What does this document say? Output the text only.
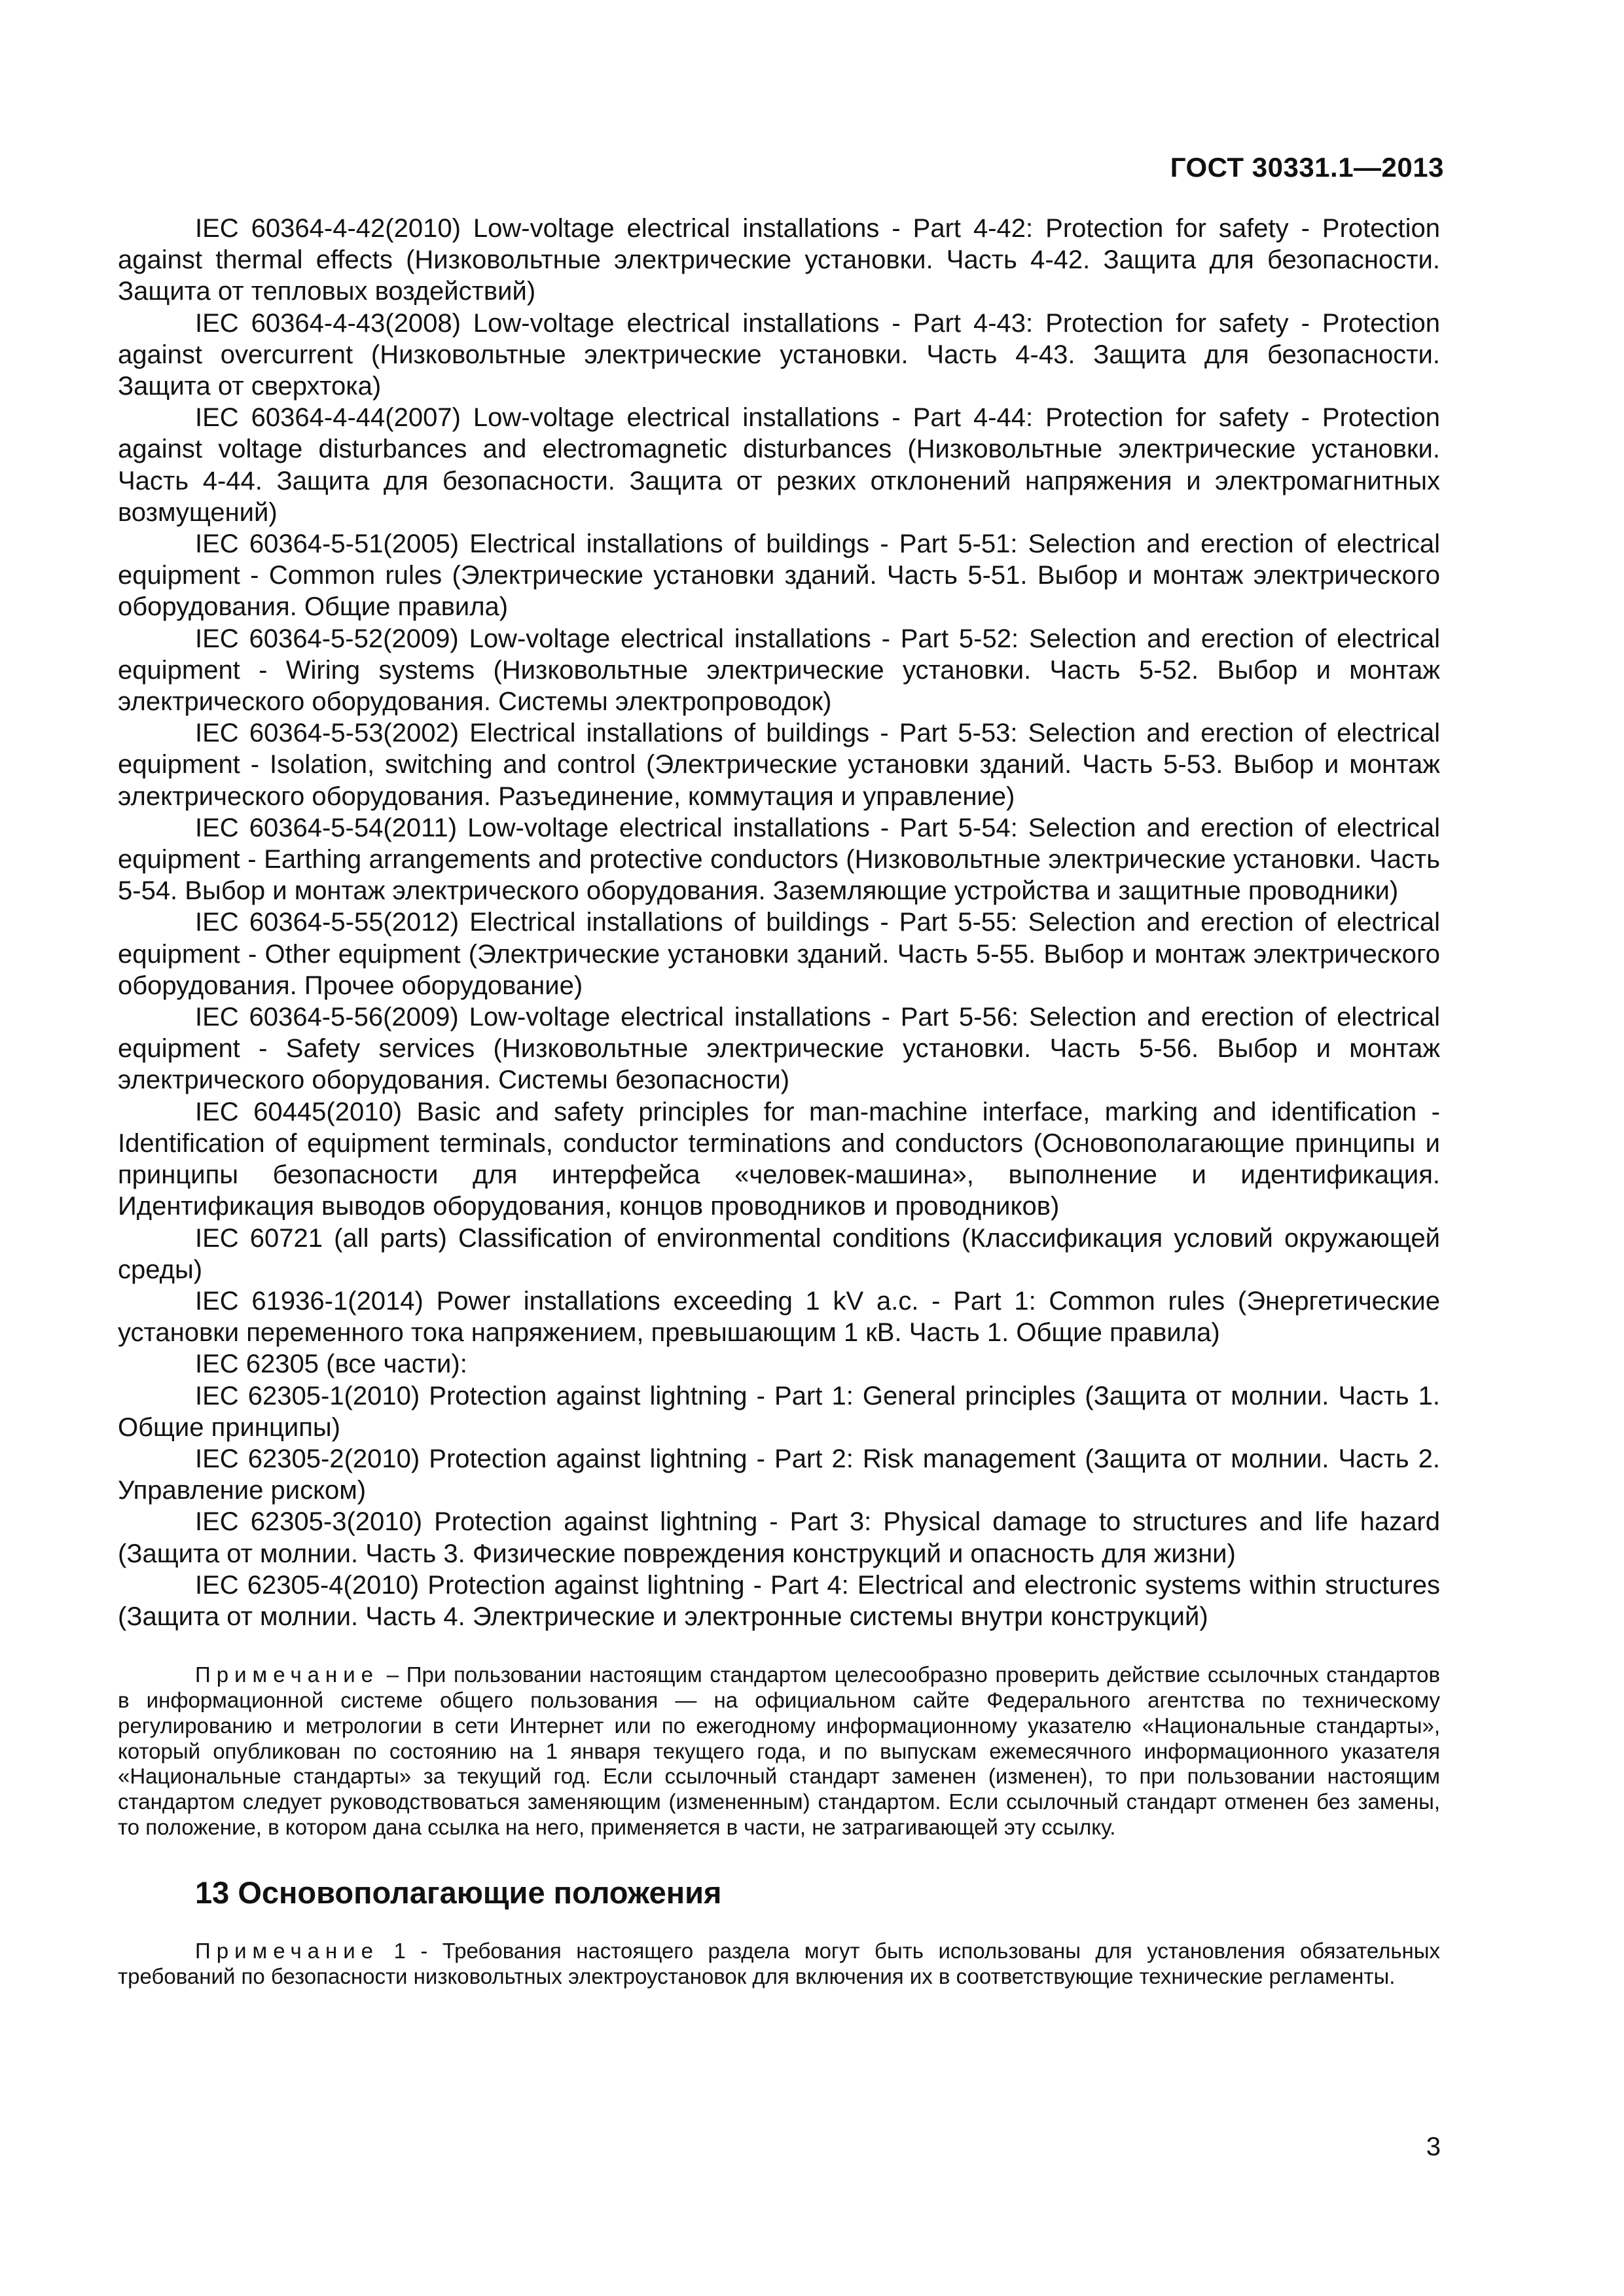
ГОСТ 30331.1—2013

IEC 60364-4-42(2010) Low-voltage electrical installations - Part 4-42: Protection for safety - Protection against thermal effects (Низковольтные электрические установки. Часть 4-42. Защита для безопасности. Защита от тепловых воздействий)

IEC 60364-4-43(2008) Low-voltage electrical installations - Part 4-43: Protection for safety - Protection against overcurrent (Низковольтные электрические установки. Часть 4-43. Защита для безопасности. Защита от сверхтока)

IEC 60364-4-44(2007) Low-voltage electrical installations - Part 4-44: Protection for safety - Protection against voltage disturbances and electromagnetic disturbances (Низковольтные электрические установки. Часть 4-44. Защита для безопасности. Защита от резких отклонений напряжения и электромагнитных возмущений)

IEC 60364-5-51(2005) Electrical installations of buildings - Part 5-51: Selection and erection of electrical equipment - Common rules (Электрические установки зданий. Часть 5-51. Выбор и монтаж электрического оборудования. Общие правила)

IEC 60364-5-52(2009) Low-voltage electrical installations - Part 5-52: Selection and erection of electrical equipment - Wiring systems (Низковольтные электрические установки. Часть 5-52. Выбор и монтаж электрического оборудования. Системы электропроводок)

IEC 60364-5-53(2002) Electrical installations of buildings - Part 5-53: Selection and erection of electrical equipment - Isolation, switching and control (Электрические установки зданий. Часть 5-53. Выбор и монтаж электрического оборудования. Разъединение, коммутация и управление)

IEC 60364-5-54(2011) Low-voltage electrical installations - Part 5-54: Selection and erection of electrical equipment - Earthing arrangements and protective conductors (Низковольтные электрические установки. Часть 5-54. Выбор и монтаж электрического оборудования. Заземляющие устройства и защитные проводники)

IEC 60364-5-55(2012) Electrical installations of buildings - Part 5-55: Selection and erection of electrical equipment - Other equipment (Электрические установки зданий. Часть 5-55. Выбор и монтаж электрического оборудования. Прочее оборудование)

IEC 60364-5-56(2009) Low-voltage electrical installations - Part 5-56: Selection and erection of electrical equipment - Safety services (Низковольтные электрические установки. Часть 5-56. Выбор и монтаж электрического оборудования. Системы безопасности)

IEC 60445(2010) Basic and safety principles for man-machine interface, marking and identification - Identification of equipment terminals, conductor terminations and conductors (Основополагающие принципы и принципы безопасности для интерфейса «человек-машина», выполнение и идентификация. Идентификация выводов оборудования, концов проводников и проводников)

IEC 60721 (all parts) Classification of environmental conditions (Классификация условий окружающей среды)

IEC 61936-1(2014) Power installations exceeding 1 kV a.c. - Part 1: Common rules (Энергетические установки переменного тока напряжением, превышающим 1 кВ. Часть 1. Общие правила)

IEC 62305 (все части):

IEC 62305-1(2010) Protection against lightning - Part 1: General principles (Защита от молнии. Часть 1. Общие принципы)

IEC 62305-2(2010) Protection against lightning - Part 2: Risk management (Защита от молнии. Часть 2. Управление риском)

IEC 62305-3(2010) Protection against lightning - Part 3: Physical damage to structures and life hazard (Защита от молнии. Часть 3. Физические повреждения конструкций и опасность для жизни)

IEC 62305-4(2010) Protection against lightning - Part 4: Electrical and electronic systems within structures (Защита от молнии. Часть 4. Электрические и электронные системы внутри конструкций)

Примечание – При пользовании настоящим стандартом целесообразно проверить действие ссылочных стандартов в информационной системе общего пользования — на официальном сайте Федерального агентства по техническому регулированию и метрологии в сети Интернет или по ежегодному информационному указателю «Национальные стандарты», который опубликован по состоянию на 1 января текущего года, и по выпускам ежемесячного информационного указателя «Национальные стандарты» за текущий год. Если ссылочный стандарт заменен (изменен), то при пользовании настоящим стандартом следует руководствоваться заменяющим (измененным) стандартом. Если ссылочный стандарт отменен без замены, то положение, в котором дана ссылка на него, применяется в части, не затрагивающей эту ссылку.

13 Основополагающие положения

Примечание 1 - Требования настоящего раздела могут быть использованы для установления обязательных требований по безопасности низковольтных электроустановок для включения их в соответствующие технические регламенты.

3
